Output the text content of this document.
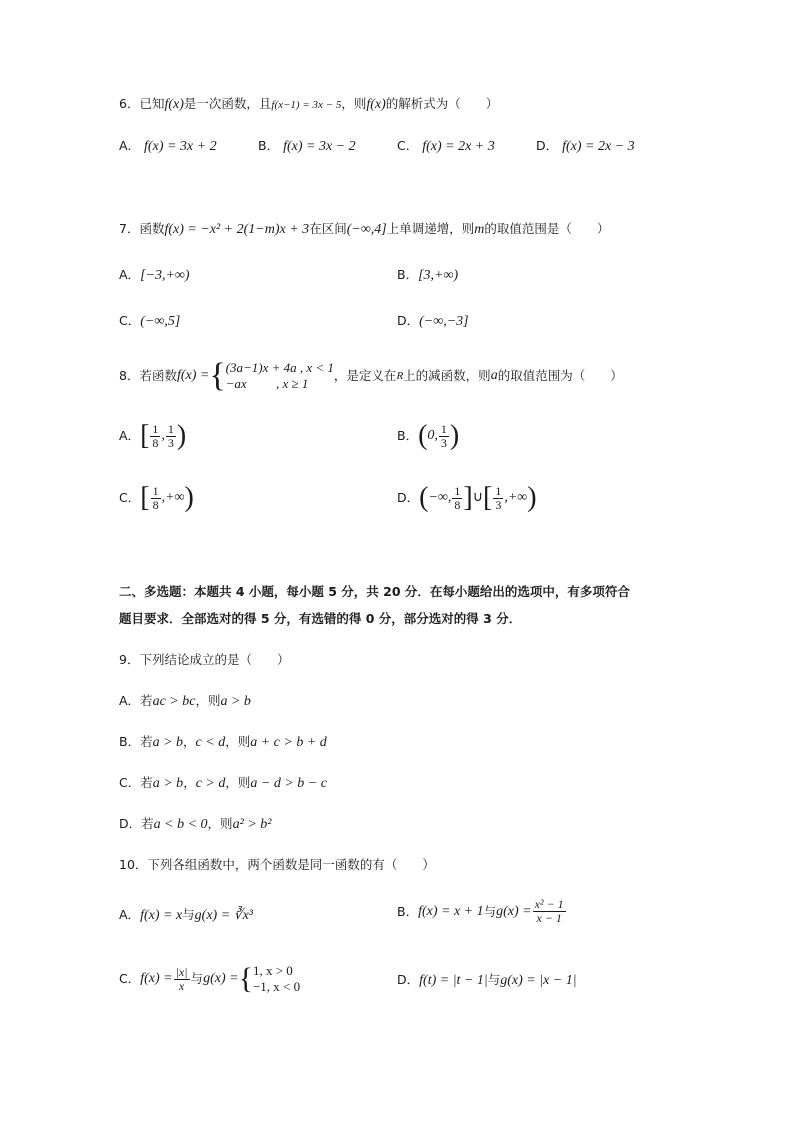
6．已知f(x)是一次函数，且f(x−1) = 3x − 5，则f(x)的解析式为（　　）
A． f(x) = 3x + 2	B． f(x) = 3x − 2	C． f(x) = 2x + 3	D． f(x) = 2x − 3
7．函数f(x) = −x² + 2(1−m)x + 3在区间(−∞,4]上单调递增，则m的取值范围是（　　）
A．[−3,+∞)	B．[3,+∞)
C．(−∞,5]	D．(−∞,−3]
8．若函数 f(x) = { (3a−1)x + 4a , x < 1
−ax　　 , x ≥ 1
，是定义在 R 上的减函数，则 a 的取值范围为（　　）
A． [ $\frac{1}{8}$ , $\frac{1}{3}$ )	B． ( 0, $\frac{1}{3}$ )
C． [ $\frac{1}{8}$ ,+∞ )	D． ( −∞, $\frac{1}{8}$ ] ∪ [ $\frac{1}{3}$ ,+∞ )
二、多选题：本题共 4 小题，每小题 5 分，共 20 分．在每小题给出的选项中，有多项符合
题目要求．全部选对的得 5 分，有选错的得 0 分，部分选对的得 3 分．
9．下列结论成立的是（　　）
A．若ac > bc，则a > b
B．若a > b，c < d，则a + c > b + d
C．若a > b，c > d，则a − d > b − c
D．若a < b < 0，则a² > b²
10．下列各组函数中，两个函数是同一函数的有（　　）
A．f(x) = x与g(x) = ∛x³	B． f(x) = x + 1 与 $g(x) = \frac{\text{x² − 1}}{x - 1}$
C． $f(x) = \frac{|x|}{x}$ 与 g(x) = { 1, x > 0
−1, x < 0	D．f(t) = |t − 1|与g(x) = |x − 1|
